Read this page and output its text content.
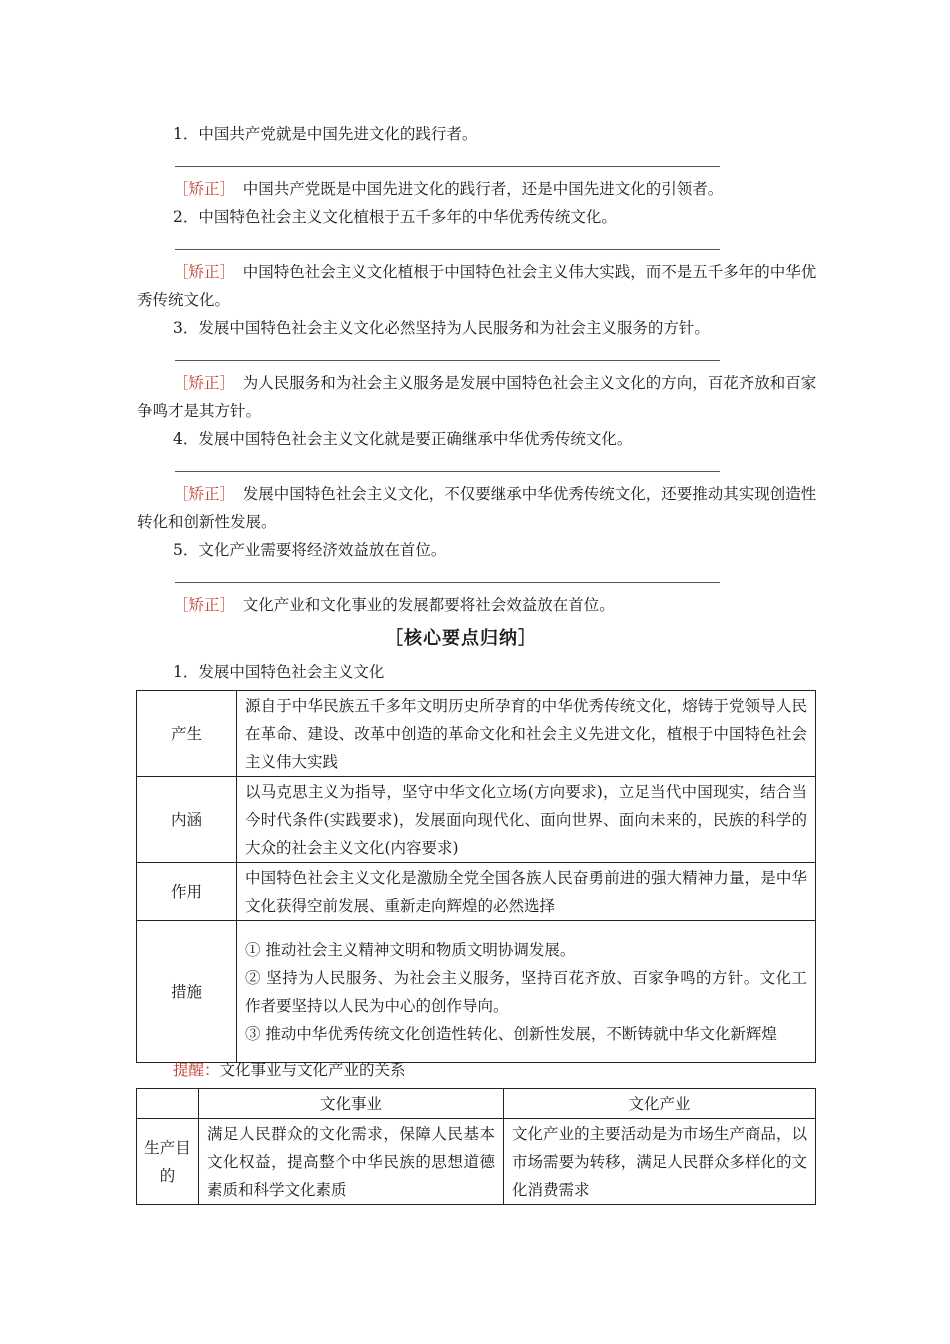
1．中国共产党就是中国先进文化的践行者。
［矫正］　 中国共产党既是中国先进文化的践行者，还是中国先进文化的引领者。
2．中国特色社会主义文化植根于五千多年的中华优秀传统文化。
［矫正］　 中国特色社会主义文化植根于中国特色社会主义伟大实践，而不是五千多年的中华优秀传统文化。
3．发展中国特色社会主义文化必然坚持为人民服务和为社会主义服务的方针。
［矫正］　 为人民服务和为社会主义服务是发展中国特色社会主义文化的方向，百花齐放和百家争鸣才是其方针。
4．发展中国特色社会主义文化就是要正确继承中华优秀传统文化。
［矫正］　 发展中国特色社会主义文化，不仅要继承中华优秀传统文化，还要推动其实现创造性转化和创新性发展。
5．文化产业需要将经济效益放在首位。
［矫正］　 文化产业和文化事业的发展都要将社会效益放在首位。
［核心要点归纳］
1．发展中国特色社会主义文化
产生	源自于中华民族五千多年文明历史所孕育的中华优秀传统文化，熔铸于党领导人民在革命、建设、改革中创造的革命文化和社会主义先进文化，植根于中国特色社会主义伟大实践
内涵	以马克思主义为指导，坚守中华文化立场(方向要求)，立足当代中国现实，结合当今时代条件(实践要求)，发展面向现代化、面向世界、面向未来的，民族的科学的大众的社会主义文化(内容要求)
作用	中国特色社会主义文化是激励全党全国各族人民奋勇前进的强大精神力量，是中华文化获得空前发展、重新走向辉煌的必然选择
措施	① 推动社会主义精神文明和物质文明协调发展。
② 坚持为人民服务、为社会主义服务，坚持百花齐放、百家争鸣的方针。文化工作者要坚持以人民为中心的创作导向。
③ 推动中华优秀传统文化创造性转化、创新性发展，不断铸就中华文化新辉煌
提醒：文化事业与文化产业的关系
	文化事业	文化产业
生产目的	满足人民群众的文化需求，保障人民基本文化权益，提高整个中华民族的思想道德素质和科学文化素质	文化产业的主要活动是为市场生产商品，以市场需要为转移，满足人民群众多样化的文化消费需求
